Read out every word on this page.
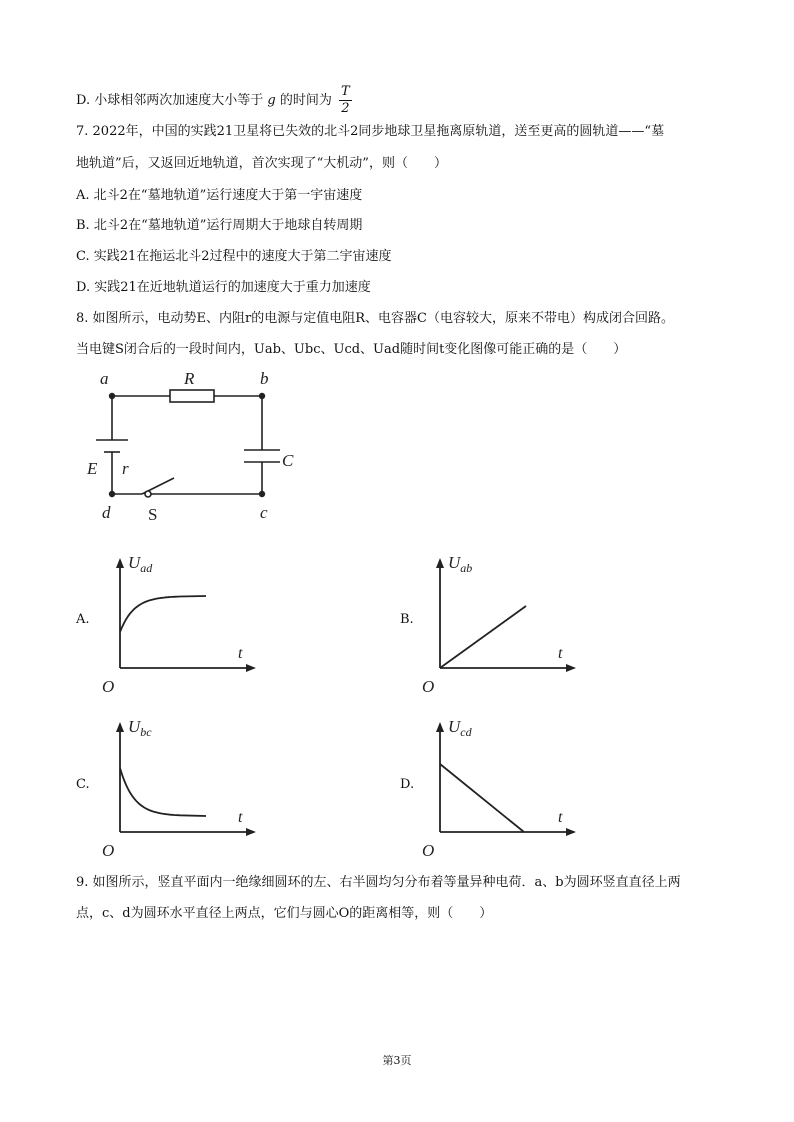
D. 小球相邻两次加速度大小等于 g 的时间为 $\frac{T}{2}$
7. 2022年，中国的实践21卫星将已失效的北斗2同步地球卫星拖离原轨道，送至更高的圆轨道——“墓
地轨道”后，又返回近地轨道，首次实现了“大机动”，则（　　）
A. 北斗2在“墓地轨道”运行速度大于第一宇宙速度
B. 北斗2在“墓地轨道”运行周期大于地球自转周期
C. 实践21在拖运北斗2过程中的速度大于第二宇宙速度
D. 实践21在近地轨道运行的加速度大于重力加速度
8. 如图所示，电动势E、内阻r的电源与定值电阻R、电容器C（电容较大，原来不带电）构成闭合回路。
当电键S闭合后的一段时间内，Uab、Ubc、Ucd、Uad随时间t变化图像可能正确的是（　　）
a	R	b
E r	C
d	c
S
A.
$U_{ad}$
t
O
B.
$U_{ab}$
t
O
C.
$U_{bc}$
t
O
D.
$U_{cd}$
t
O
9. 如图所示，竖直平面内一绝缘细圆环的左、右半圆均匀分布着等量异种电荷．a、b为圆环竖直直径上两
点，c、d为圆环水平直径上两点，它们与圆心O的距离相等，则（　　）
第3页
